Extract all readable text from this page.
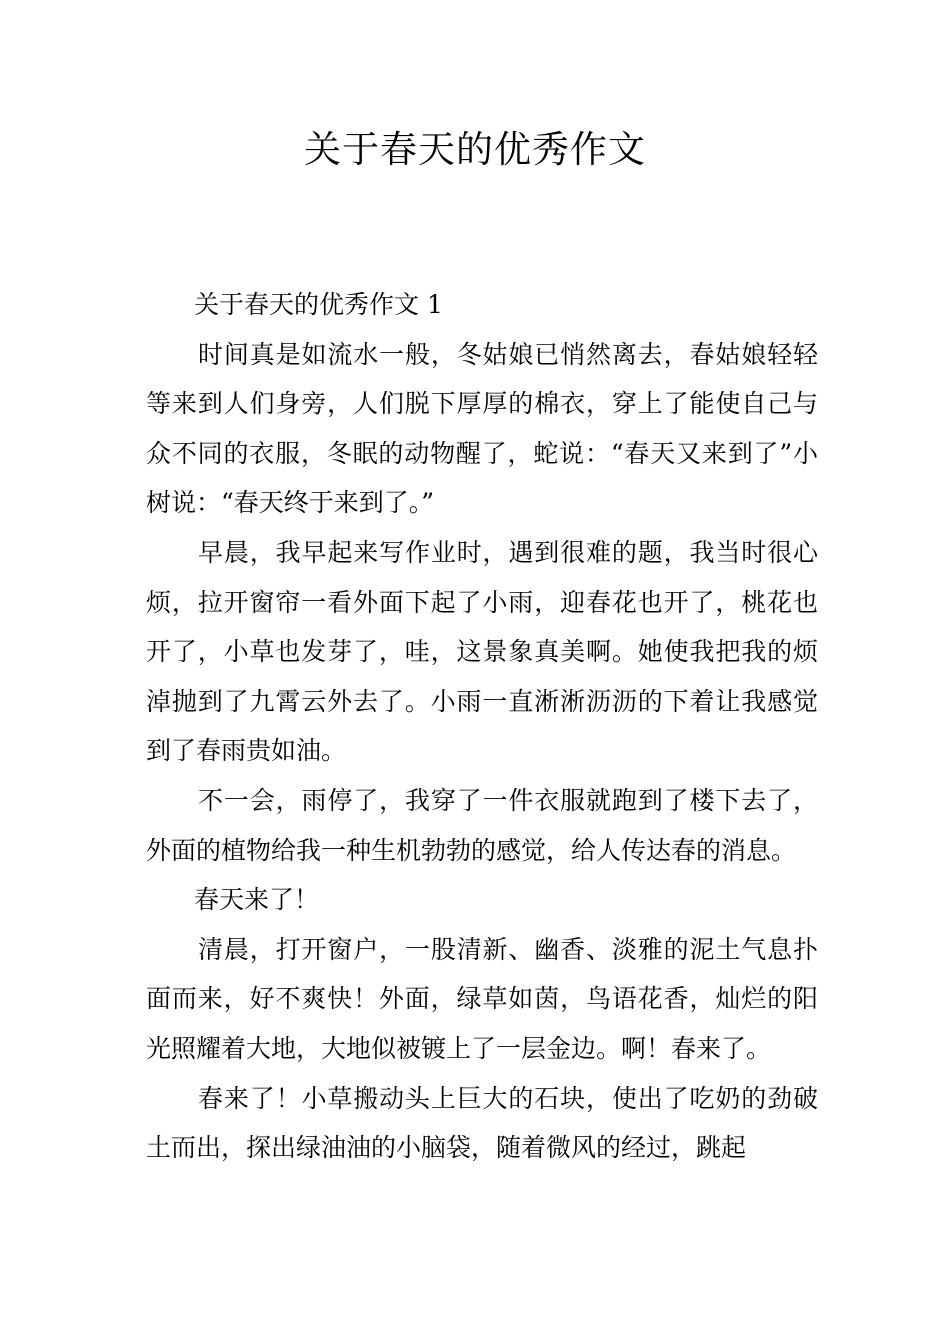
关于春天的优秀作文

关于春天的优秀作文 1

时间真是如流水一般，冬姑娘已悄然离去，春姑娘轻轻等来到人们身旁，人们脱下厚厚的棉衣，穿上了能使自己与众不同的衣服，冬眠的动物醒了，蛇说：“春天又来到了”小树说：“春天终于来到了。”

早晨，我早起来写作业时，遇到很难的题，我当时很心烦，拉开窗帘一看外面下起了小雨，迎春花也开了，桃花也开了，小草也发芽了，哇，这景象真美啊。她使我把我的烦淖抛到了九霄云外去了。小雨一直淅淅沥沥的下着让我感觉到了春雨贵如油。

不一会，雨停了，我穿了一件衣服就跑到了楼下去了，外面的植物给我一种生机勃勃的感觉，给人传达春的消息。

春天来了！

清晨，打开窗户，一股清新、幽香、淡雅的泥土气息扑面而来，好不爽快！外面，绿草如茵，鸟语花香，灿烂的阳光照耀着大地，大地似被镀上了一层金边。啊！春来了。

春来了！小草搬动头上巨大的石块，使出了吃奶的劲破土而出，探出绿油油的小脑袋，随着微风的经过，跳起
